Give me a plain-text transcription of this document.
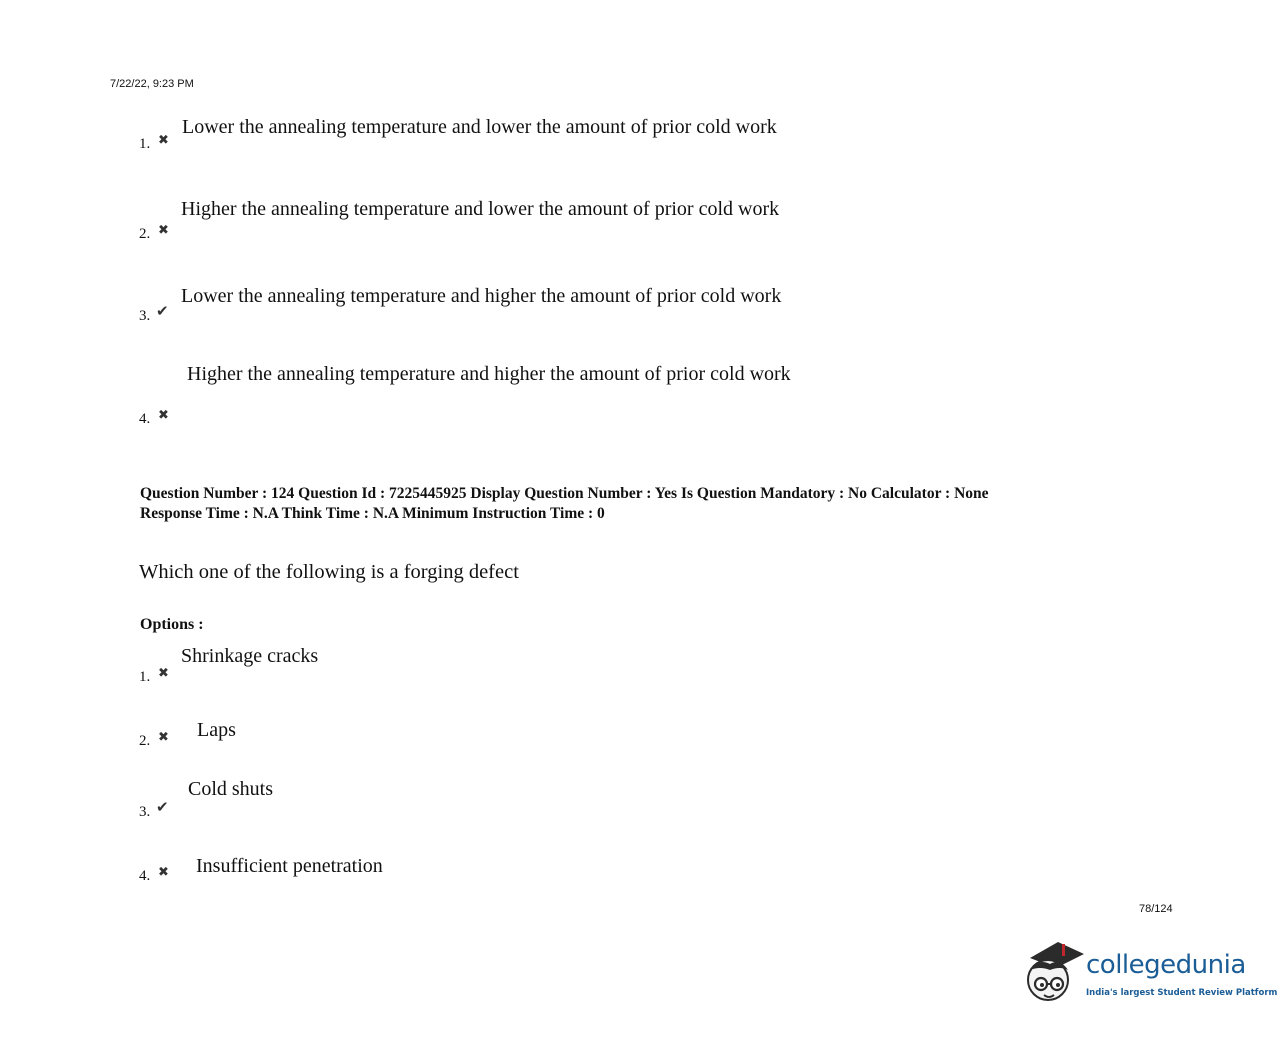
7/22/22, 9:23 PM
Lower the annealing temperature and lower the amount of prior cold work
1. ✖
Higher the annealing temperature and lower the amount of prior cold work
2. ✖
Lower the annealing temperature and higher the amount of prior cold work
3. ✔
Higher the annealing temperature and higher the amount of prior cold work
4. ✖
Question Number : 124 Question Id : 7225445925 Display Question Number : Yes Is Question Mandatory : No Calculator : None
Response Time : N.A Think Time : N.A Minimum Instruction Time : 0
Which one of the following is a forging defect
Options :
Shrinkage cracks
1. ✖
Laps
2. ✖
Cold shuts
3. ✔
Insufficient penetration
4. ✖
78/124
collegedunia
India's largest Student Review Platform
